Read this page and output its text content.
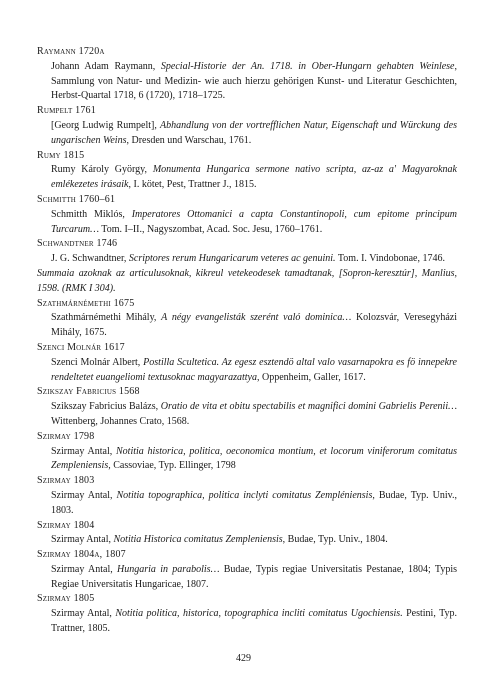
Raymann 1720a
Johann Adam Raymann, Special-Historie der An. 1718. in Ober-Hungarn gehabten Weinlese, Sammlung von Natur- und Medizin- wie auch hierzu gehörigen Kunst- und Literatur Geschichten, Herbst-Quartal 1718, 6 (1720), 1718–1725.
Rumpelt 1761
[Georg Ludwig Rumpelt], Abhandlung von der vortrefflichen Natur, Eigenschaft und Würckung des ungarischen Weins, Dresden und Warschau, 1761.
Rumy 1815
Rumy Károly György, Monumenta Hungarica sermone nativo scripta, az-az a' Magyaroknak emlékezetes irásaik, I. kötet, Pest, Trattner J., 1815.
Schmitth 1760–61
Schmitth Miklós, Imperatores Ottomanici a capta Constantinopoli, cum epitome principum Turcarum… Tom. I–II., Nagyszombat, Acad. Soc. Jesu, 1760–1761.
Schwandtner 1746
J. G. Schwandtner, Scriptores rerum Hungaricarum veteres ac genuini. Tom. I. Vindobonae, 1746.
Summaia azoknak az articulusoknak, kikreul vetekeodesek tamadtanak, [Sopron-keresztúr], Manlius, 1598. (RMK I 304).
Szathmárnémethi 1675
Szathmárnémethi Mihály, A négy evangelisták szerént való dominica… Kolozsvár, Veresegyházi Mihály, 1675.
Szenci Molnár 1617
Szenci Molnár Albert, Postilla Scultetica. Az egesz esztendö altal valo vasarnapokra es fö innepekre rendeltetet euangeliomi textusoknac magyarazattya, Oppenheim, Galler, 1617.
Szikszay Fabricius 1568
Szikszay Fabricius Balázs, Oratio de vita et obitu spectabilis et magnifici domini Gabrielis Perenii… Wittenberg, Johannes Crato, 1568.
Szirmay 1798
Szirmay Antal, Notitia historica, politica, oeconomica montium, et locorum viniferorum comitatus Zempleniensis, Cassoviae, Typ. Ellinger, 1798
Szirmay 1803
Szirmay Antal, Notitia topographica, politica inclyti comitatus Zempléniensis, Budae, Typ. Univ., 1803.
Szirmay 1804
Szirmay Antal, Notitia Historica comitatus Zempleniensis, Budae, Typ. Univ., 1804.
Szirmay 1804a, 1807
Szirmay Antal, Hungaria in parabolis… Budae, Typis regiae Universitatis Pestanae, 1804; Typis Regiae Universitatis Hungaricae, 1807.
Szirmay 1805
Szirmay Antal, Notitia politica, historica, topographica incliti comitatus Ugochiensis. Pestini, Typ. Trattner, 1805.
429
